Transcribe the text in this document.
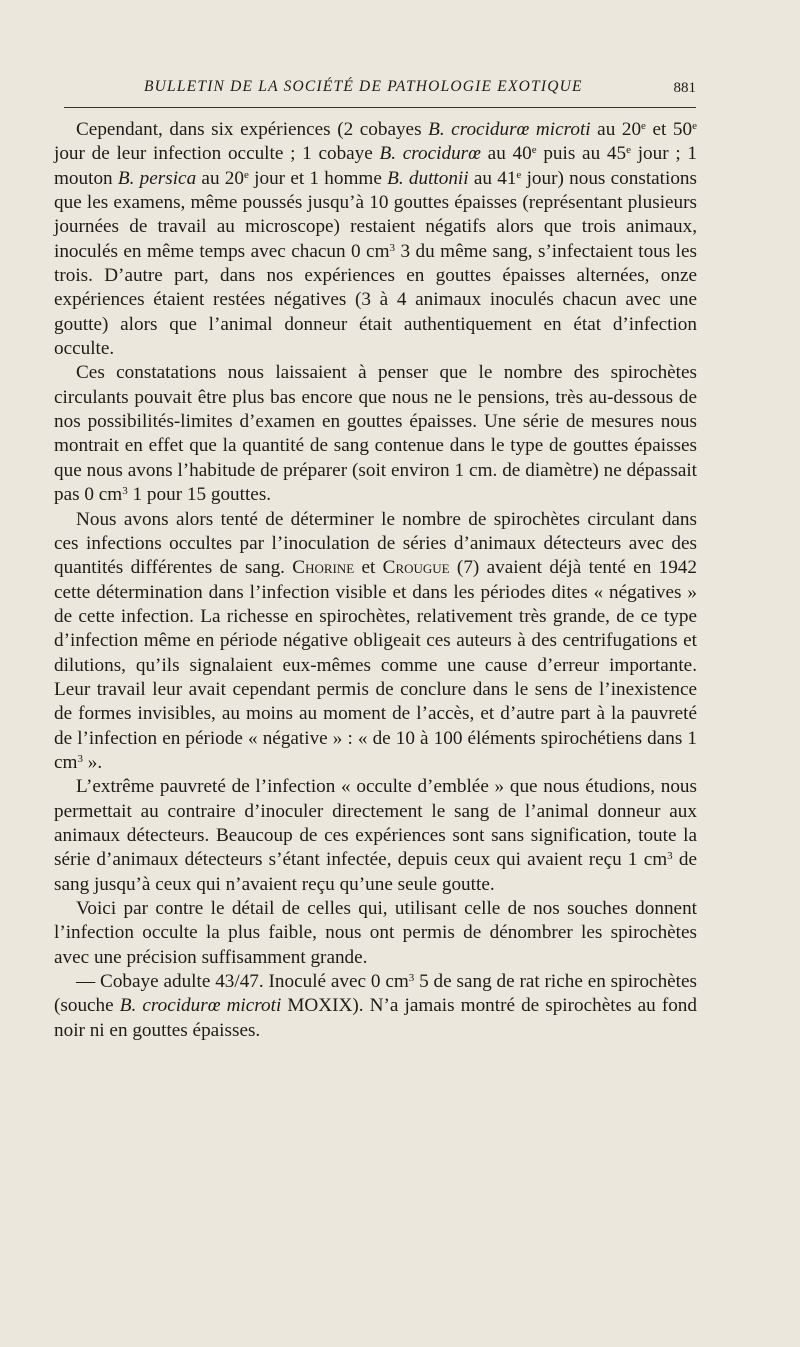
BULLETIN DE LA SOCIÉTÉ DE PATHOLOGIE EXOTIQUE	881

Cependant, dans six expériences (2 cobayes B. crocidurœ microti au 20e et 50e jour de leur infection occulte ; 1 cobaye B. crocidurœ au 40e puis au 45e jour ; 1 mouton B. persica au 20e jour et 1 homme B. duttonii au 41e jour) nous constations que les examens, même poussés jusqu’à 10 gouttes épaisses (représentant plusieurs journées de travail au microscope) restaient négatifs alors que trois animaux, inoculés en même temps avec chacun 0 $cm^3$ 3 du même sang, s’infectaient tous les trois. D’autre part, dans nos expériences en gouttes épaisses alternées, onze expériences étaient restées négatives (3 à 4 animaux inoculés chacun avec une goutte) alors que l’animal donneur était authentiquement en état d’infection occulte.

Ces constatations nous laissaient à penser que le nombre des spirochètes circulants pouvait être plus bas encore que nous ne le pensions, très au-dessous de nos possibilités-limites d’examen en gouttes épaisses. Une série de mesures nous montrait en effet que la quantité de sang contenue dans le type de gouttes épaisses que nous avons l’habitude de préparer (soit environ 1 cm. de diamètre) ne dépassait pas 0 $cm^3$ 1 pour 15 gouttes.

Nous avons alors tenté de déterminer le nombre de spirochètes circulant dans ces infections occultes par l’inoculation de séries d’animaux détecteurs avec des quantités différentes de sang. Chorine et Crougue (7) avaient déjà tenté en 1942 cette détermination dans l’infection visible et dans les périodes dites « négatives » de cette infection. La richesse en spirochètes, relativement très grande, de ce type d’infection même en période négative obligeait ces auteurs à des centrifugations et dilutions, qu’ils signalaient eux-mêmes comme une cause d’erreur importante. Leur travail leur avait cependant permis de conclure dans le sens de l’inexistence de formes invisibles, au moins au moment de l’accès, et d’autre part à la pauvreté de l’infection en période « négative » : « de 10 à 100 éléments spirochétiens dans 1 $cm^3$ ».

L’extrême pauvreté de l’infection « occulte d’emblée » que nous étudions, nous permettait au contraire d’inoculer directement le sang de l’animal donneur aux animaux détecteurs. Beaucoup de ces expériences sont sans signification, toute la série d’animaux détecteurs s’étant infectée, depuis ceux qui avaient reçu 1 $cm^3$ de sang jusqu’à ceux qui n’avaient reçu qu’une seule goutte.

Voici par contre le détail de celles qui, utilisant celle de nos souches donnent l’infection occulte la plus faible, nous ont permis de dénombrer les spirochètes avec une précision suffisamment grande.

— Cobaye adulte 43/47. Inoculé avec 0 $cm^3$ 5 de sang de rat riche en spirochètes (souche B. crocidurœ microti MOXIX). N’a jamais montré de spirochètes au fond noir ni en gouttes épaisses.
